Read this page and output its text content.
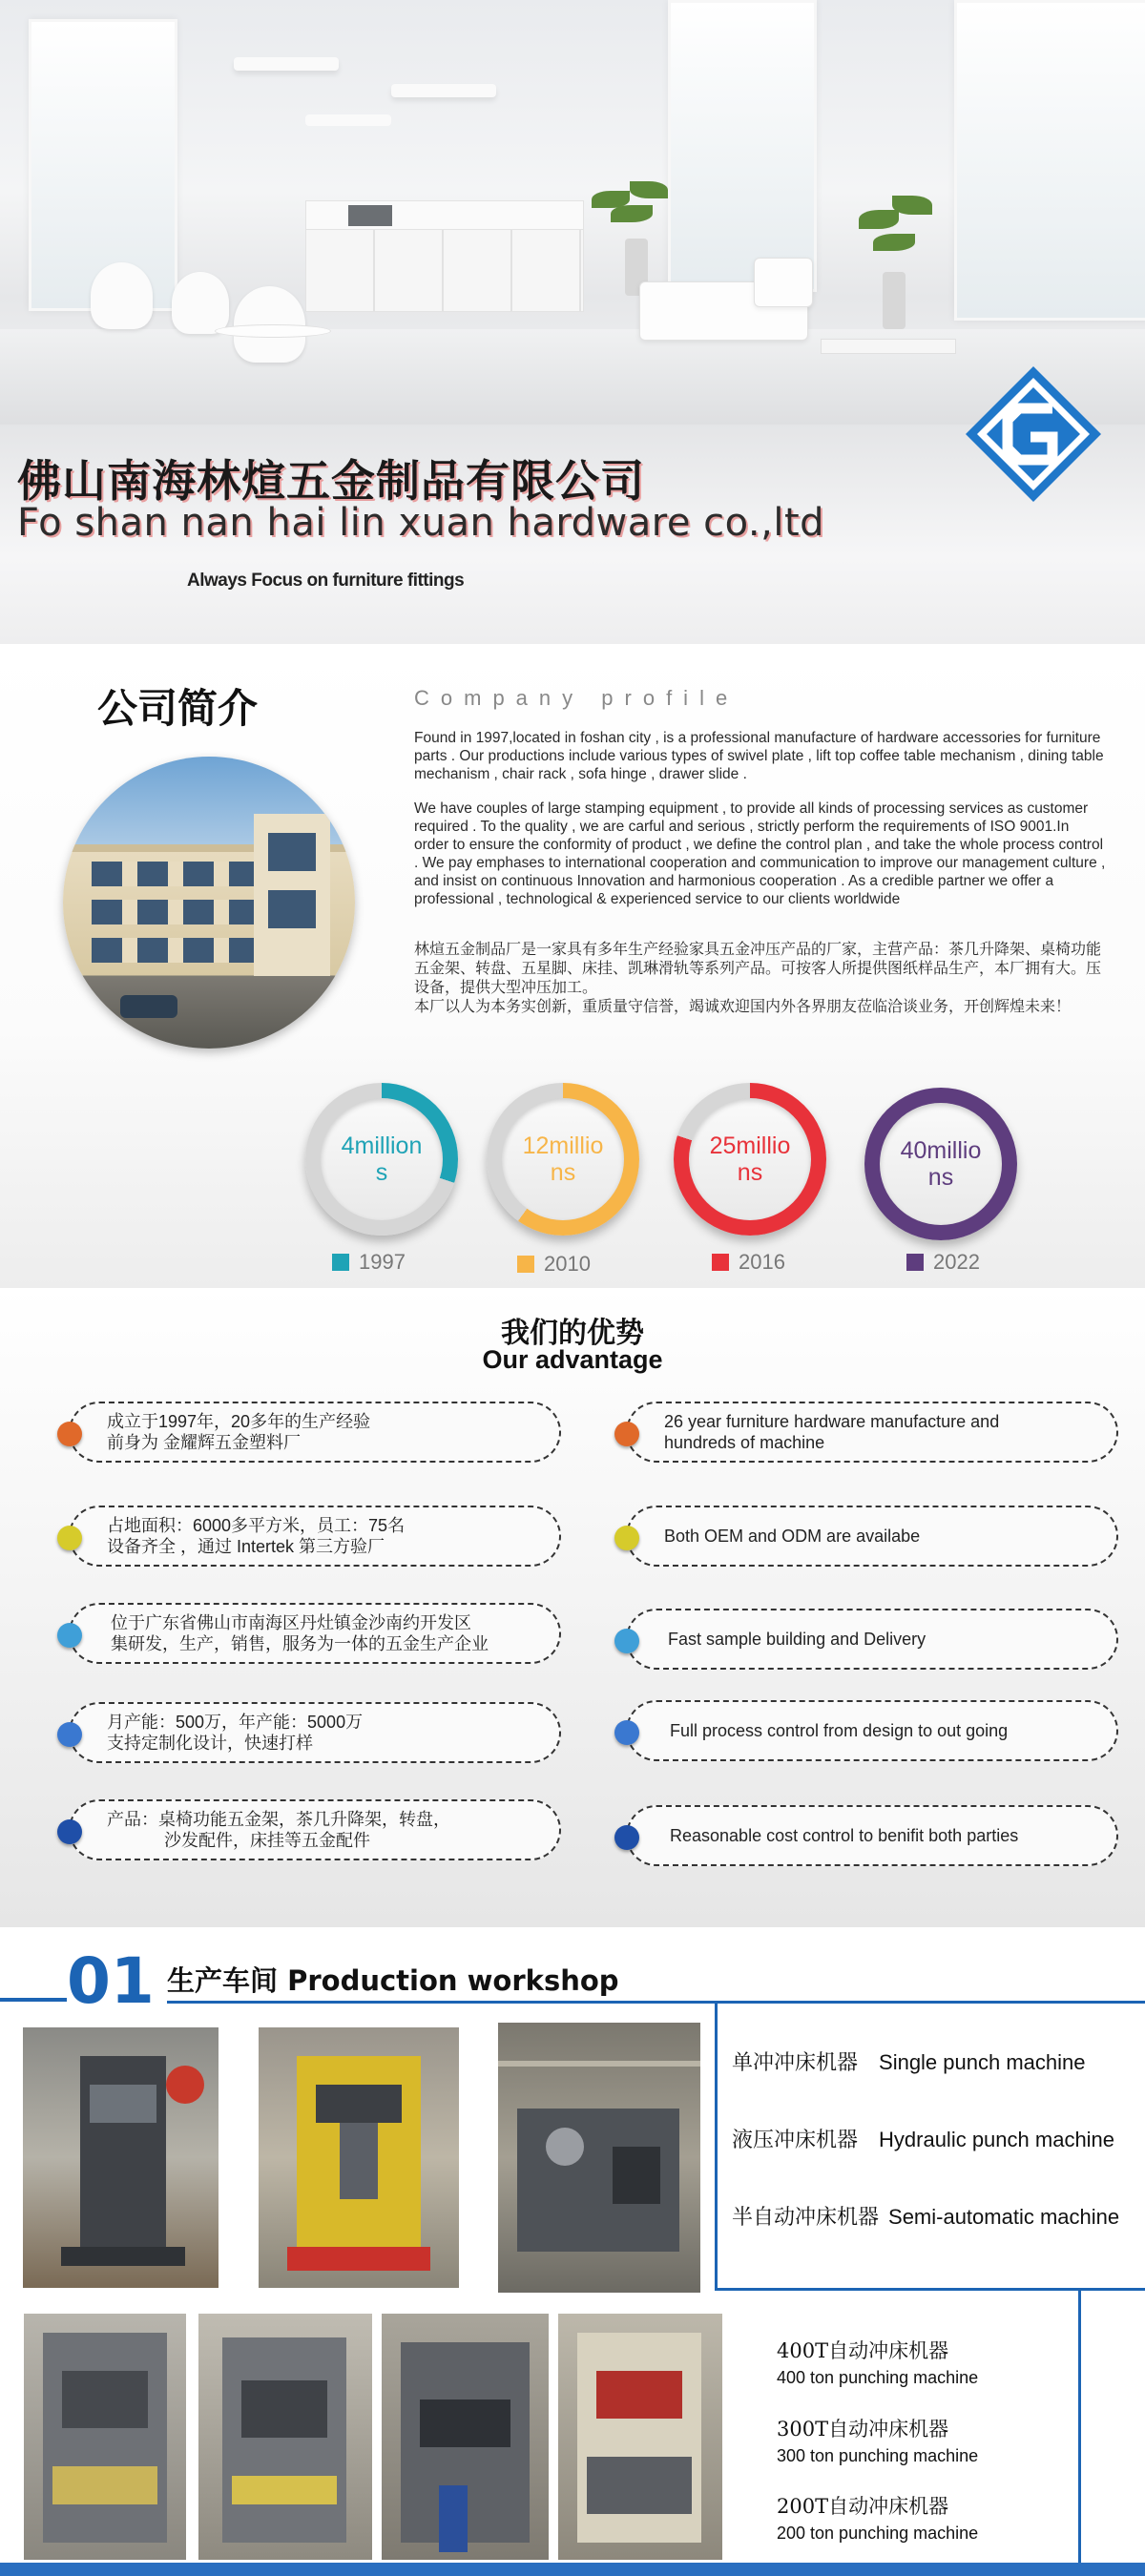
佛山南海林煊五金制品有限公司
Fo shan nan hai lin xuan hardware co.,ltd
Always Focus on furniture fittings
公司简介	Company profile
Found in 1997,located in foshan city , is a professional manufacture of hardware accessories for furniture parts . Our productions include various types of swivel plate , lift top coffee table mechanism , dining table mechanism , chair rack , sofa hinge , drawer slide .
We have couples of large stamping equipment , to provide all kinds of processing services as customer required . To the quality , we are carful and serious , strictly perform the requirements of ISO 9001.In order to ensure the conformity of product , we define the control plan , and take the whole process control . We pay emphases to international cooperation and communication to improve our management culture , and insist on continuous Innovation and harmonious cooperation . As a credible partner we offer a professional , technological & experienced service to our clients worldwide
林煊五金制品厂是一家具有多年生产经验家具五金冲压产品的厂家，主营产品：茶几升降架、桌椅功能五金架、转盘、五星脚、床挂、凯琳滑轨等系列产品。可按客人所提供图纸样品生产，本厂拥有大。压设备，提供大型冲压加工。
本厂以人为本务实创新，重质量守信誉，竭诚欢迎国内外各界朋友莅临洽谈业务，开创辉煌未来！
4millions
12millions
25millions
40millions
1997	2010	2016	2022
我们的优势
Our advantage
成立于1997年，20多年的生产经验
前身为 金耀辉五金塑料厂
占地面积：6000多平方米，员工：75名
设备齐全 ，通过 Intertek 第三方验厂
位于广东省佛山市南海区丹灶镇金沙南约开发区
集研发，生产，销售，服务为一体的五金生产企业
月产能：500万，年产能：5000万
支持定制化设计，快速打样
产品：桌椅功能五金架，茶几升降架，转盘，
沙发配件，床挂等五金配件
26 year furniture hardware manufacture and
hundreds of machine
Both OEM and ODM are availabe
Fast sample building and Delivery
Full process control from design to out going
Reasonable cost control to benifit both parties
01 生产车间 Production workshop
单冲冲床机器 Single punch machine
液压冲床机器 Hydraulic punch machine
半自动冲床机器 Semi-automatic machine
400T自动冲床机器
400 ton punching machine
300T自动冲床机器
300 ton punching machine
200T自动冲床机器
200 ton punching machine
